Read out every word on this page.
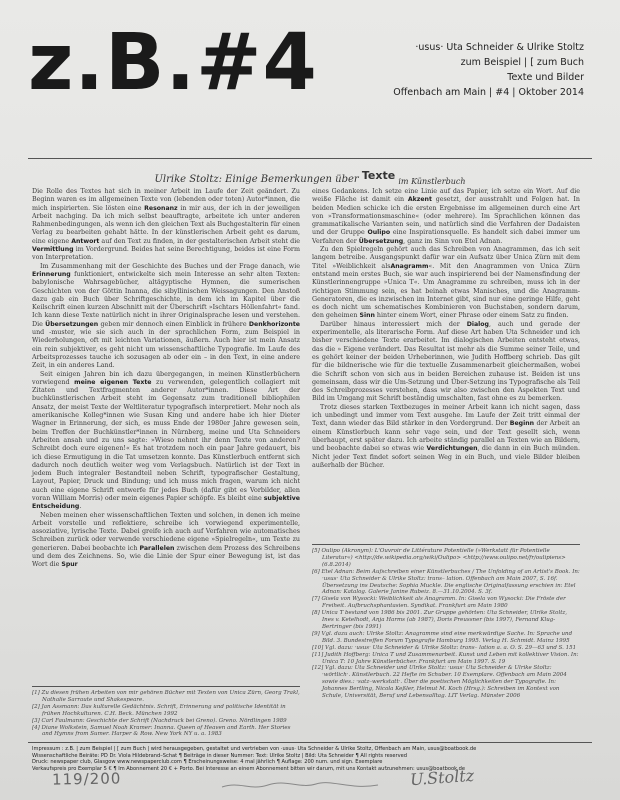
z.B.#4	·usus· Uta Schneider & Ulrike Stoltz
zum Beispiel | [ zum Buch
Texte und Bilder
Offenbach am Main | #4 | Oktober 2014
Ulrike Stoltz: Einige Bemerkungen über Texte $_{im Künstlerbuch}$

Die Rolle des Textes hat sich in meiner Arbeit im Laufe der Zeit geändert. Zu Beginn waren es im allgemeinen Texte von (lebenden oder toten) Autor*innen, die mich inspirierten. Sie lösten eine Resonanz in mir aus, der ich in der jeweiligen Arbeit nachging. Da ich mich selbst beauftragte, arbeitete ich unter anderen Rahmenbedingungen, als wenn ich den gleichen Text als Buchgestalterin für einen Verlag zu bearbeiten gehabt hätte. In der künstlerischen Arbeit geht es darum, eine eigene Antwort auf den Text zu finden, in der gestalterischen Arbeit steht die Vermittlung im Vordergrund. Beides hat seine Berechtigung, beides ist eine Form von Interpretation.

Im Zusammenhang mit der Geschichte des Buches und der Frage danach, wie Erinnerung funktioniert, entwickelte sich mein Interesse an sehr alten Texten: babylonische Wahrsagebücher, altägyptische Hymnen, die sumerischen Geschichten von der Göttin Inanna, die sibyllinischen Weissagungen. Den Anstoß dazu gab ein Buch über Schriftgeschichte, in dem ich im Kapitel über die Keilschrift einen kurzen Abschnitt mit der Überschrift »Ischtars Höllenfahrt« fand. Ich kann diese Texte natürlich nicht in ihrer Originalsprache lesen und verstehen. Die Übersetzungen geben mir dennoch einen Einblick in frühere Denkhorizonte und -muster, wie sie sich auch in der sprachlichen Form, zum Beispiel in Wiederholungen, oft mit leichten Variationen, äußern. Auch hier ist mein Ansatz ein rein subjektiver, es geht nicht um wissenschaftliche Typografie. Im Laufe des Arbeitsprozesses tauche ich sozusagen ab oder ein – in den Text, in eine andere Zeit, in ein anderes Land.

Seit einigen Jahren bin ich dazu übergegangen, in meinen Künstlerbüchern vorwiegend meine eigenen Texte zu verwenden, gelegentlich collagiert mit Zitaten und Textfragmenten anderer Autor*innen. Diese Art der buchkünstlerischen Arbeit steht im Gegensatz zum traditionell bibliophilen Ansatz, der meist Texte der Weltliteratur typografisch interpretiert. Mehr noch als amerikanische Kolleg*innen wie Susan King und andere habe ich hier Dieter Wagner in Erinnerung, der sich, es muss Ende der 1980er Jahre gewesen sein, beim Treffen der Buchkünstler*innen in Nürnberg, meine und Uta Schneiders Arbeiten ansah und zu uns sagte: »Wieso nehmt ihr denn Texte von anderen? Schreibt doch eure eigenen!« Es hat trotzdem noch ein paar Jahre gedauert, bis ich diese Ermutigung in die Tat umsetzen konnte. Das Künstlerbuch entfernt sich dadurch noch deutlich weiter weg vom Verlagsbuch. Natürlich ist der Text in jedem Buch integraler Bestandteil neben Schrift, typografischer Gestaltung, Layout, Papier, Druck und Bindung; und ich muss mich fragen, warum ich nicht auch eine eigene Schrift entwerfe für jedes Buch (dafür gibt es Vorbilder, allen voran William Morris) oder mein eigenes Papier schöpfe. Es bleibt eine subjektive Entscheidung.

Neben meinen eher wissenschaftlichen Texten und solchen, in denen ich meine Arbeit vorstelle und reflektiere, schreibe ich vorwiegend experimentelle, assoziative, lyrische Texte. Dabei greife ich auch auf Verfahren wie automatisches Schreiben zurück oder verwende verschiedene eigene »Spielregeln«, um Texte zu generieren. Dabei beobachte ich Parallelen zwischen dem Prozess des Schreibens und dem des Zeichnens. So, wie die Linie der Spur einer Bewegung ist, ist das Wort die Spur

eines Gedankens. Ich setze eine Linie auf das Papier, ich setze ein Wort. Auf die weiße Fläche ist damit ein Akzent gesetzt, der ausstrahlt und Folgen hat. In beiden Medien schicke ich die ersten Ergebnisse im allgemeinen durch eine Art von »Transformationsmaschine« (oder mehrere). Im Sprachlichen können das grammatikalische Varianten sein, und natürlich sind die Verfahren der Dadaisten und der Gruppe Oulipo eine Inspirationsquelle. Es handelt sich dabei immer um Verfahren der Übersetzung, ganz im Sinn von Etel Adnan.

Zu den Spielregeln gehört auch das Schreiben von Anagrammen, das ich seit langem betreibe. Ausgangspunkt dafür war ein Aufsatz über Unica Zürn mit dem Titel »Weiblichkeit alsAnagramm«. Mit den Anagrammen von Unica Zürn entstand mein erstes Buch, sie war auch inspirierend bei der Namensfindung der Künstlerinnengruppe »Unica T«. Um Anagramme zu schreiben, muss ich in der richtigen Stimmung sein, es hat beinah etwas Manisches, und die Anagramm-Generatoren, die es inzwischen im Internet gibt, sind nur eine geringe Hilfe, geht es doch nicht um schematisches Kombinieren von Buchstaben, sondern darum, den geheimen Sinn hinter einem Wort, einer Phrase oder einem Satz zu finden.

Darüber hinaus interessiert mich der Dialog, auch und gerade der experimentelle, als literarische Form. Auf diese Art haben Uta Schneider und ich bisher verschiedene Texte erarbeitet. Im dialogischen Arbeiten entsteht etwas, das die » Eigene verändert. Das Resultat ist mehr als die Summe seiner Teile, und es gehört keiner der beiden Urheberinnen, wie Judith Hoffberg schrieb. Das gilt für die bildnerische wie für die textuelle Zusammenarbeit gleichermaßen, wobei die Schrift schon von sich aus in beiden Bereichen zuhause ist. Beiden ist uns gemeinsam, dass wir die Um-Setzung und Über-Setzung ins Typografische als Teil des Schreibprozesses verstehen, dass wir also zwischen den Aspekten Text und Bild im Umgang mit Schrift beständig umschalten, fast ohne es zu bemerken.

Trotz dieses starken Textbezuges in meiner Arbeit kann ich nicht sagen, dass ich unbedingt und immer vom Text ausgehe. Im Laufe der Zeit tritt einmal der Text, dann wieder das Bild stärker in den Vordergrund. Der Beginn der Arbeit an einem Künstlerbuch kann sehr vage sein, und der Text gesellt sich, wenn überhaupt, erst später dazu. Ich arbeite ständig parallel an Texten wie an Bildern, und beobachte dabei so etwas wie Verdichtungen, die dann in ein Buch münden. Nicht jeder Text findet sofort seinen Weg in ein Buch, und viele Bilder bleiben außerhalb der Bücher.

[5] Oulipo (Akronym): L'Ouvroir de Littérature Potentielle (»Werkstatt für Potentielle Literatur«) <http://de.wikipedia.org/wiki/Oulipo> <http://www.oulipo.net/fr/oulipiens> (6.8.2014)
[6] Etel Adnan: Beim Aufschreiben einer Künstlerbuches / The Unfolding of an Artist's Book. In: ·usus· Uta Schneider & Ulrike Stoltz: trans– lation. Offenbach am Main 2007, S. 16f. Übersetzung ins Deutsche: Sophia Muckle. Die englische Originalfassung erschien in: Etel Adnan: Katalog. Galerie Janine Rubeiz. 8.—31.10.2004. S. 3f.
[7] Gisela von Wysocki: Weiblichkeit als Anagramm. In: Gisela von Wysocki: Die Fröste der Freiheit. Aufbruchsphantasien. Syndikat. Frankfurt am Main 1980
[8] Unica T bestand von 1986 bis 2001. Zur Gruppe gehörten: Uta Schneider, Ulrike Stoltz, Ines v. Ketelhodt, Anja Harms (ab 1987), Doris Preussner (bis 1997), Fernand Klug-Bertringer (bis 1991)
[9] Vgl. dazu auch: Ulrike Stoltz: Anagramme sind eine merkwürdige Sache. In: Sprache und Bild. 3. Bundestreffen Forum Typografie Hamburg 1995. Verlag H. Schmidt. Mainz 1995
[10] Vgl. dazu: ·usus· Uta Schneider & Ulrike Stoltz: trans– lation a. a. O. S. 29—63 und S. 151
[11] Judith Hoffberg: Unica T und Zusammenarbeit. Kunst und Leben mit kollektiver Vision. In: Unica T: 10 Jahre Künstlerbücher. Frankfurt am Main 1997. S. 19
[12] Vgl. dazu: Uta Schneider und Ulrike Stoltz: ·usus· Uta Schneider & Ulrike Stoltz: ·wörtlich·. Künstlerbuch. 22 Hefte im Schuber. 10 Exemplare. Offenbach am Main 2004 sowie dies.: ·satz–werkstatt·. Über die poetischen Möglichkeiten der Typografie. In: Johannes Bertling, Nicola Keßler, Helmut M. Koch (Hrsg.): Schreiben im Kontext von Schule, Universität, Beruf und Lebensalltag. LIT Verlag. Münster 2006
[1] Zu diesen frühen Arbeiten von mir gehören Bücher mit Texten von Unica Zürn, Georg Trakl, Nathalie Sarraute und Shakespeare.
[2] Jan Assmann: Das kulturelle Gedächtnis. Schrift, Erinnerung und politische Identität in frühen Hochkulturen. C.H. Beck. München 1992
[3] Carl Faulmann: Geschichte der Schrift (Nachdruck bei Greno). Greno. Nördlingen 1989
[4] Diane Wolkstein, Samuel Noah Kramer: Inanna. Queen of Heaven and Earth. Her Stories and Hymns from Sumer. Harper & Row. New York NY u. a. 1983
Impressum : z.B. | zum Beispiel | [ zum Buch | wird herausgegeben, gestaltet und vertrieben von ·usus· Uta Schneider & Ulrike Stoltz, Offenbach am Main, usus@boatbook.de
Wissenschaftliche Beiräte: PD Dr. Viola Hildebrand–Schat ¶ Beiträge in dieser Nummer: Text: Ulrike Stoltz | Bild: Uta Schneider ¶ All rights reserved
Druck: newspaper club, Glasgow www.newspaperclub.com ¶ Erscheinungsweise: 4 mal jährlich ¶ Auflage: 200 num. und sign. Exemplare
Verkaufspreis pro Exemplar 5 € ¶ Im Abonnement 20 € + Porto. Bei Interesse an einem Abonnement bitten wir darum, mit uns Kontakt aufzunehmen: usus@boatbook.de
119/200	U.Stoltz
